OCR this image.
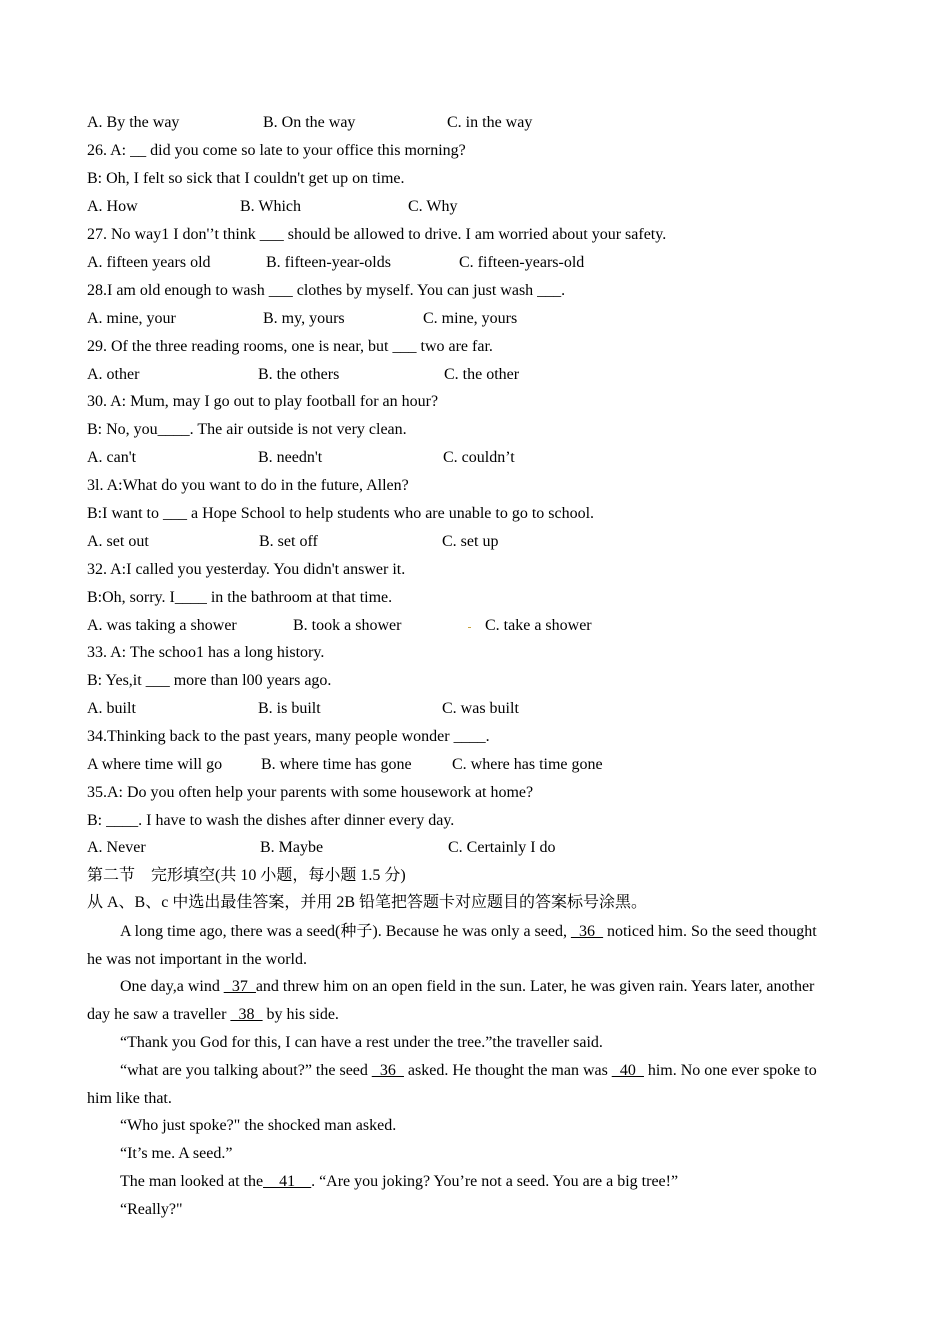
A. By the way	B. On the way	C. in the way
26. A: __ did you come so late to your office this morning?
B: Oh, I felt so sick that I couldn't get up on time.
A. How	B. Which	C. Why
27. No way1 I don'’t think ___ should be allowed to drive. I am worried about your safety.
A. fifteen years old	B. fifteen-year-olds	C. fifteen-years-old
28.I am old enough to wash ___ clothes by myself. You can just wash ___.
A. mine, your	B. my, yours	C. mine, yours
29. Of the three reading rooms, one is near, but ___ two are far.
A. other	B. the others	C. the other
30. A: Mum, may I go out to play football for an hour?
B: No, you____. The air outside is not very clean.
A. can't	B. needn't	C. couldn’t
3l. A:What do you want to do in the future, Allen?
B:I want to ___ a Hope School to help students who are unable to go to school.
A. set out	B. set off	C. set up
32. A:I called you yesterday. You didn't answer it.
B:Oh, sorry. I____ in the bathroom at that time.
A. was taking a shower	B. took a shower	C. take a shower
33. A: The schoo1 has a long history.
B: Yes,it ___ more than l00 years ago.
A. built	B. is built	C. was built
34.Thinking back to the past years, many people wonder ____.
A where time will go B. where time has gone	C. where has time gone
35.A: Do you often help your parents with some housework at home?
B: ____. I have to wash the dishes after dinner every day.
A. Never	B. Maybe	C. Certainly I do
第二节　完形填空(共 10 小题，每小题 1.5 分)
从 A、B、c 中选出最佳答案，并用 2B 铅笔把答题卡对应题目的答案标号涂黑。
A long time ago, there was a seed(种子). Because he was only a seed, _36_ noticed him. So the seed thought
he was not important in the world.
One day,a wind _37_and threw him on an open field in the sun. Later, he was given rain. Years later, another
day he saw a traveller _38_ by his side.
“Thank you God for this, I can have a rest under the tree.”the traveller said.
“what are you talking about?” the seed _36_ asked. He thought the man was _40_ him. No one ever spoke to
him like that.
“Who just spoke?" the shocked man asked.
“It’s me. A seed.”
The man looked at the__41__. “Are you joking? You’re not a seed. You are a big tree!”
“Really?"
